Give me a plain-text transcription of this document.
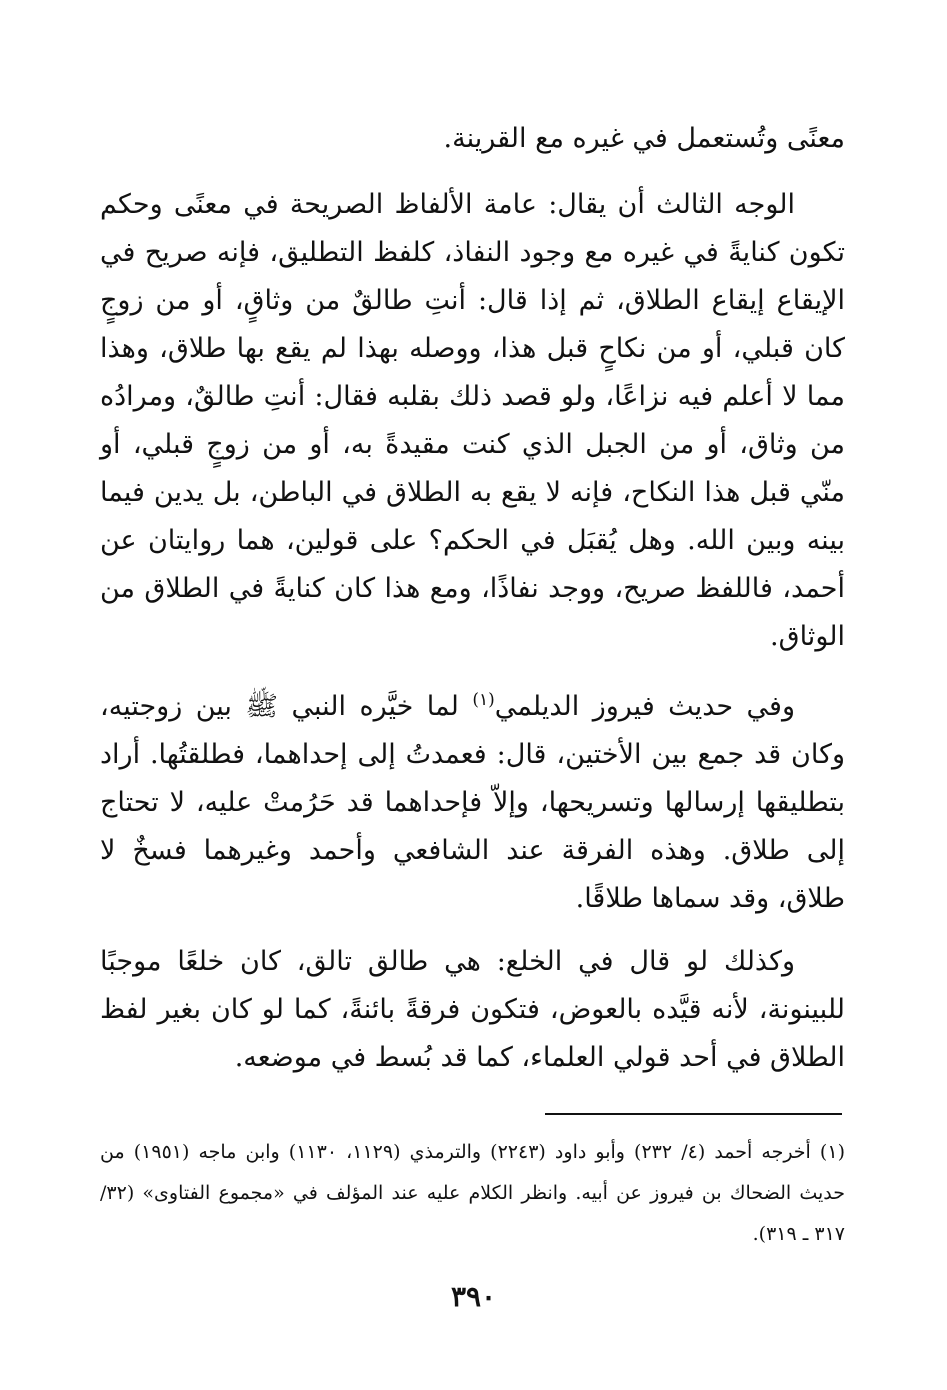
معنًى وتُستعمل في غيره مع القرينة.

الوجه الثالث أن يقال: عامة الألفاظ الصريحة في معنًى وحكم تكون كنايةً في غيره مع وجود النفاذ، كلفظ التطليق، فإنه صريح في الإيقاع إيقاع الطلاق، ثم إذا قال: أنتِ طالقٌ من وثاقٍ، أو من زوجٍ كان قبلي، أو من نكاحٍ قبل هذا، ووصله بهذا لم يقع بها طلاق، وهذا مما لا أعلم فيه نزاعًا، ولو قصد ذلك بقلبه فقال: أنتِ طالقٌ، ومرادُه من وثاق، أو من الجبل الذي كنت مقيدةً به، أو من زوجٍ قبلي، أو منّي قبل هذا النكاح، فإنه لا يقع به الطلاق في الباطن، بل يدين فيما بينه وبين الله. وهل يُقبَل في الحكم؟ على قولين، هما روايتان عن أحمد، فاللفظ صريح، ووجد نفاذًا، ومع هذا كان كنايةً في الطلاق من الوثاق.

وفي حديث فيروز الديلمي$^{(١)}$ لما خيَّره النبي ﷺ بين زوجتيه، وكان قد جمع بين الأختين، قال: فعمدتُ إلى إحداهما، فطلقتُها. أراد بتطليقها إرسالها وتسريحها، وإلاّ فإحداهما قد حَرُمتْ عليه، لا تحتاج إلى طلاق. وهذه الفرقة عند الشافعي وأحمد وغيرهما فسخٌ لا طلاق، وقد سماها طلاقًا.

وكذلك لو قال في الخلع: هي طالق تالق، كان خلعًا موجبًا للبينونة، لأنه قيَّده بالعوض، فتكون فرقةً بائنةً، كما لو كان بغير لفظ الطلاق في أحد قولي العلماء، كما قد بُسط في موضعه.

(١) أخرجه أحمد (٤/ ٢٣٢) وأبو داود (٢٢٤٣) والترمذي (١١٢٩، ١١٣٠) وابن ماجه (١٩٥١) من حديث الضحاك بن فيروز عن أبيه. وانظر الكلام عليه عند المؤلف في «مجموع الفتاوى» (٣٢/ ٣١٧ ـ ٣١٩).

٣٩٠
